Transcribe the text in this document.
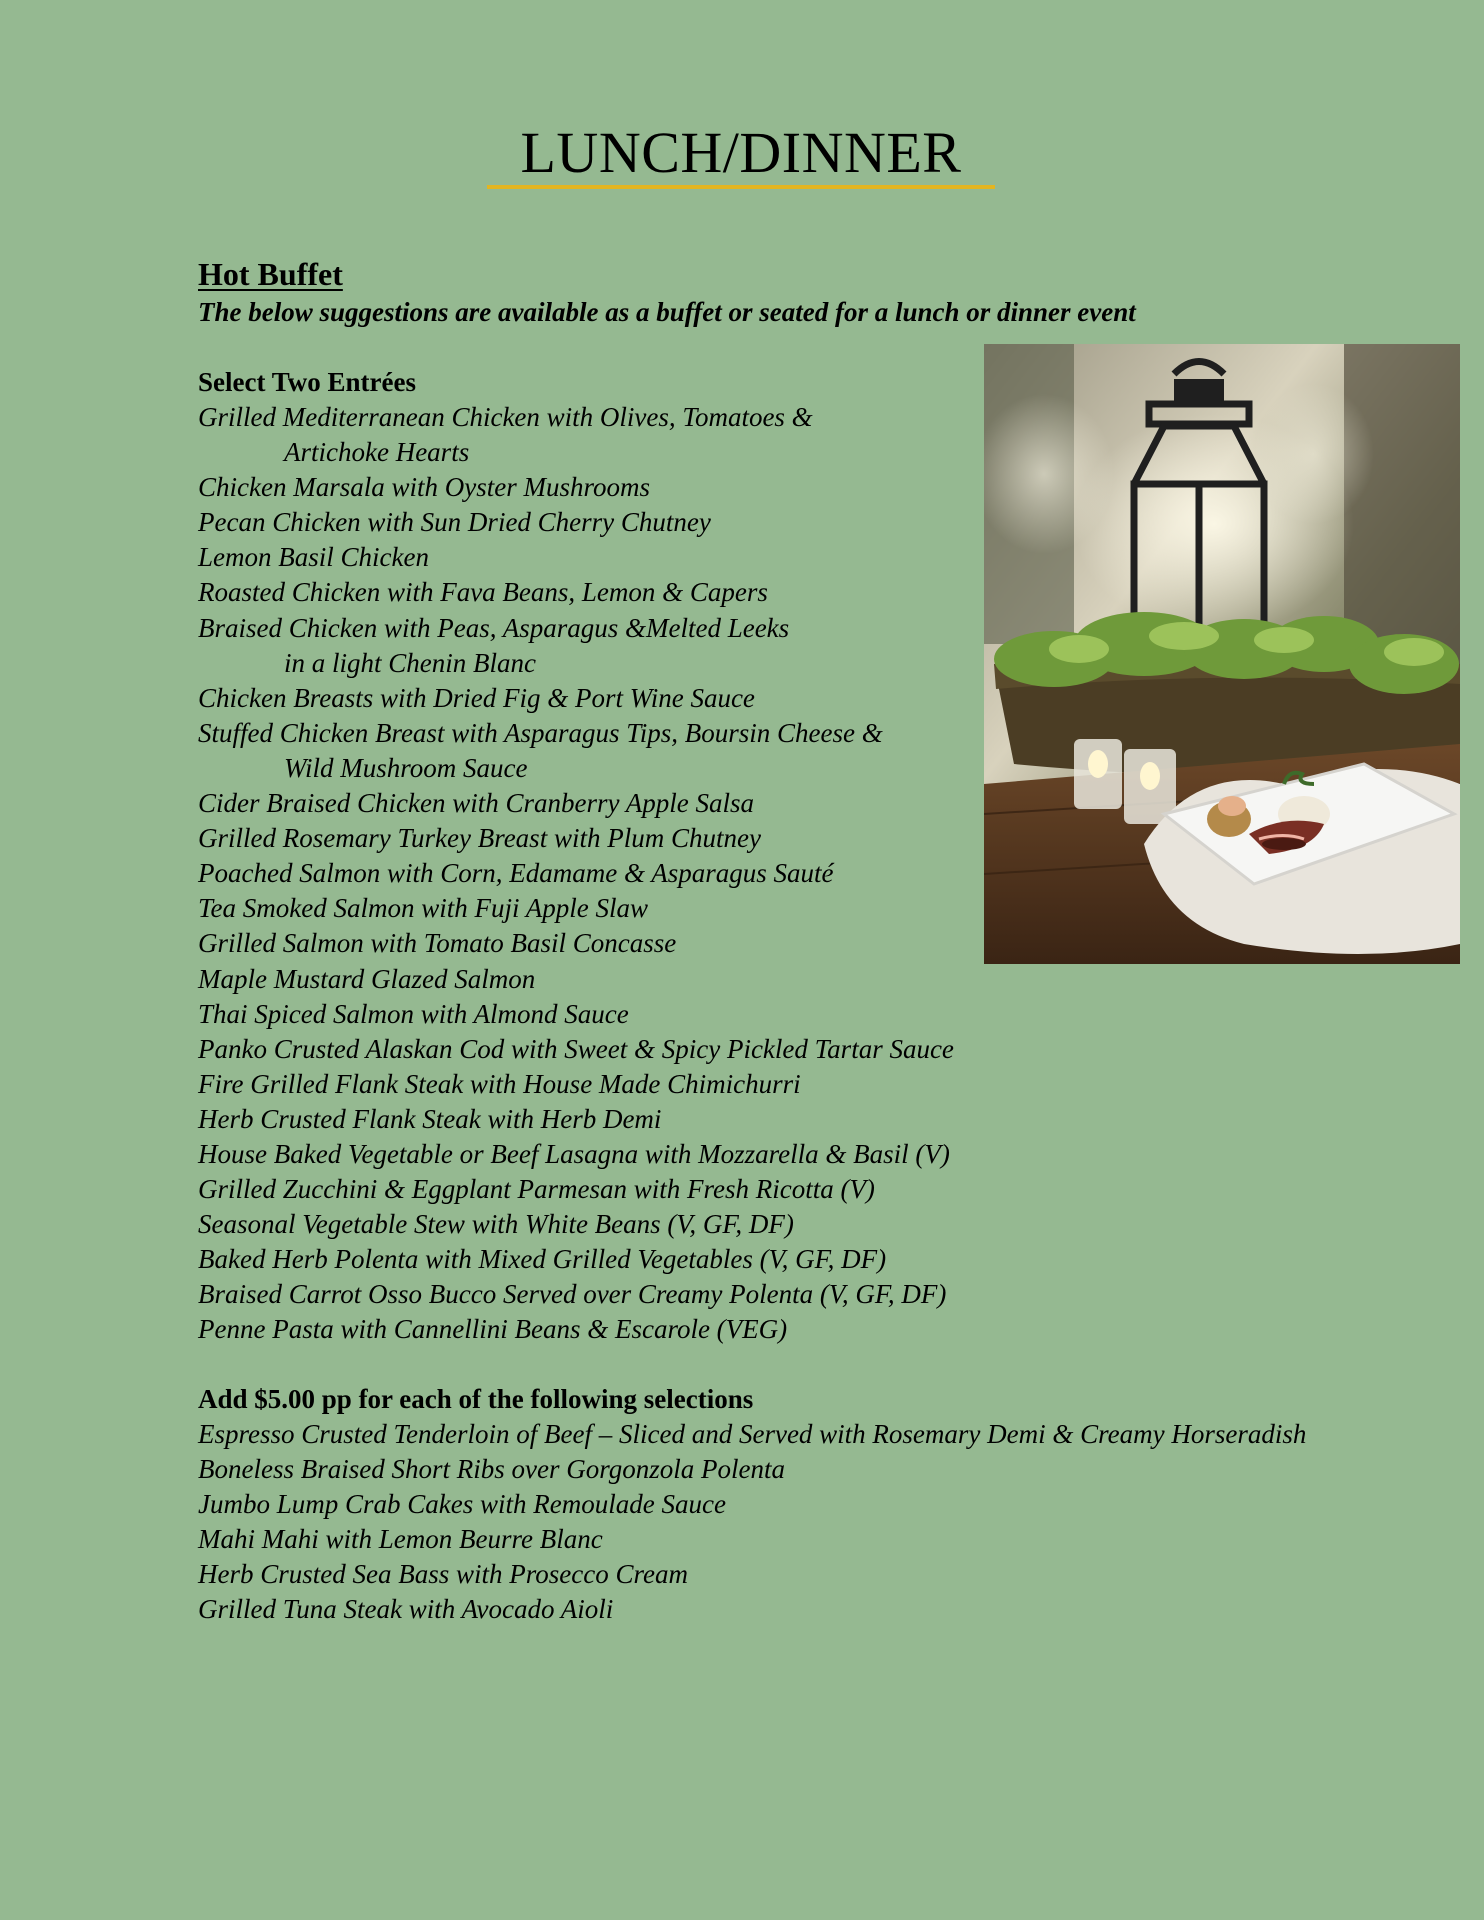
LUNCH/DINNER
Hot Buffet
The below suggestions are available as a buffet or seated for a lunch or dinner event
Select Two Entrées
Grilled Mediterranean Chicken with Olives, Tomatoes &
Artichoke Hearts
Chicken Marsala with Oyster Mushrooms
Pecan Chicken with Sun Dried Cherry Chutney
Lemon Basil Chicken
Roasted Chicken with Fava Beans, Lemon & Capers
Braised Chicken with Peas, Asparagus &Melted Leeks
in a light Chenin Blanc
Chicken Breasts with Dried Fig & Port Wine Sauce
Stuffed Chicken Breast with Asparagus Tips, Boursin Cheese &
Wild Mushroom Sauce
Cider Braised Chicken with Cranberry Apple Salsa
Grilled Rosemary Turkey Breast with Plum Chutney
Poached Salmon with Corn, Edamame & Asparagus Sauté
Tea Smoked Salmon with Fuji Apple Slaw
Grilled Salmon with Tomato Basil Concasse
Maple Mustard Glazed Salmon
Thai Spiced Salmon with Almond Sauce
Panko Crusted Alaskan Cod with Sweet & Spicy Pickled Tartar Sauce
Fire Grilled Flank Steak with House Made Chimichurri
Herb Crusted Flank Steak with Herb Demi
House Baked Vegetable or Beef Lasagna with Mozzarella & Basil (V)
Grilled Zucchini & Eggplant Parmesan with Fresh Ricotta (V)
Seasonal Vegetable Stew with White Beans (V, GF, DF)
Baked Herb Polenta with Mixed Grilled Vegetables (V, GF, DF)
Braised Carrot Osso Bucco Served over Creamy Polenta (V, GF, DF)
Penne Pasta with Cannellini Beans & Escarole (VEG)
Add $5.00 pp for each of the following selections
Espresso Crusted Tenderloin of Beef – Sliced and Served with Rosemary Demi & Creamy Horseradish
Boneless Braised Short Ribs over Gorgonzola Polenta
Jumbo Lump Crab Cakes with Remoulade Sauce
Mahi Mahi with Lemon Beurre Blanc
Herb Crusted Sea Bass with Prosecco Cream
Grilled Tuna Steak with Avocado Aioli
